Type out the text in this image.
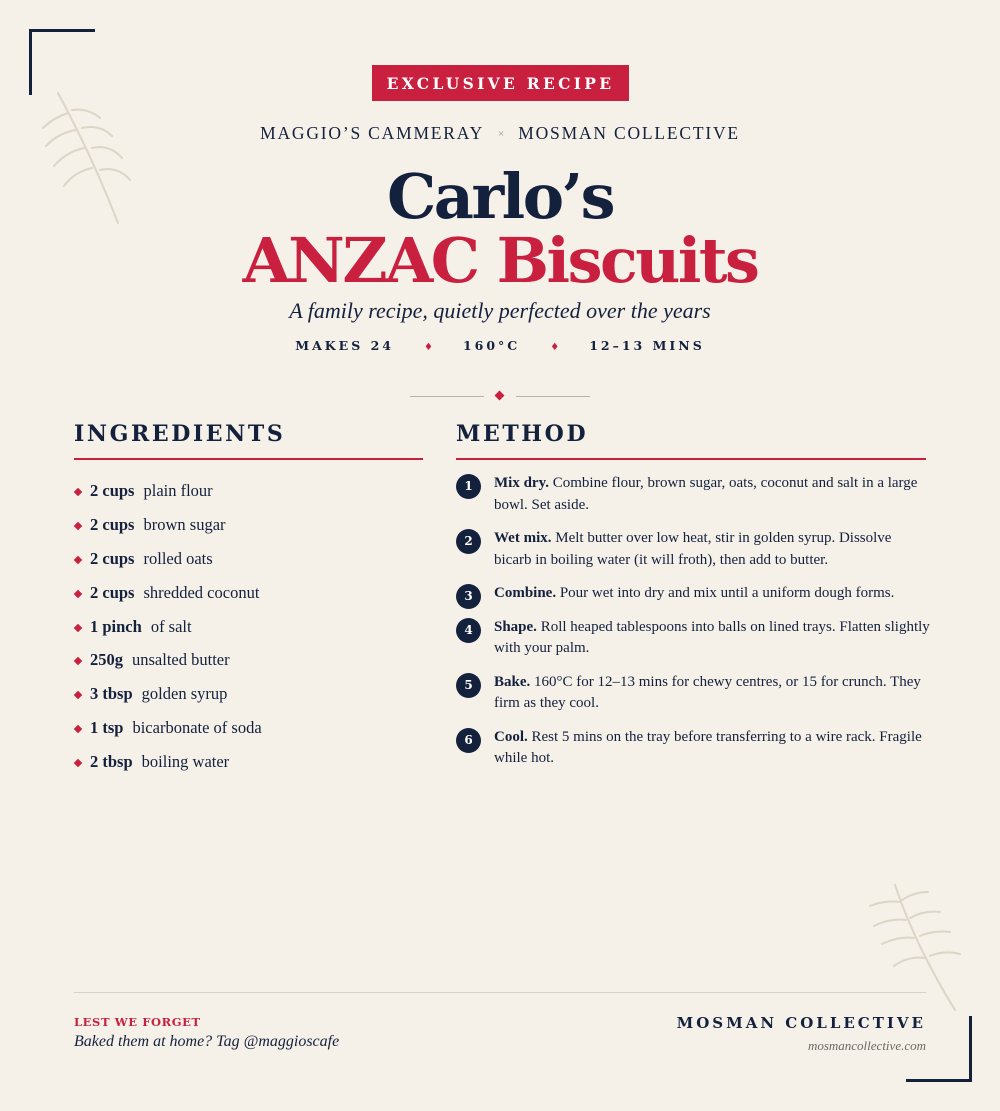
EXCLUSIVE RECIPE
MAGGIO’S CAMMERAY × MOSMAN COLLECTIVE
Carlo’s
ANZAC Biscuits
A family recipe, quietly perfected over the years
MAKES 24	♦ 160°C	♦ 12–13 MINS
INGREDIENTS
2 cups plain flour
2 cups brown sugar
2 cups rolled oats
2 cups shredded coconut
1 pinch of salt
250g unsalted butter
3 tbsp golden syrup
1 tsp bicarbonate of soda
2 tbsp boiling water
METHOD
1	Mix dry. Combine flour, brown sugar, oats, coconut and salt in a large bowl. Set aside.
2	Wet mix. Melt butter over low heat, stir in golden syrup. Dissolve bicarb in boiling water (it will froth), then add to butter.
3	Combine. Pour wet into dry and mix until a uniform dough forms.
4	Shape. Roll heaped tablespoons into balls on lined trays. Flatten slightly with your palm.
5	Bake. 160°C for 12–13 mins for chewy centres, or 15 for crunch. They firm as they cool.
6	Cool. Rest 5 mins on the tray before transferring to a wire rack. Fragile while hot.
LEST WE FORGET
Baked them at home? Tag @maggioscafe
MOSMAN COLLECTIVE
mosmancollective.com
